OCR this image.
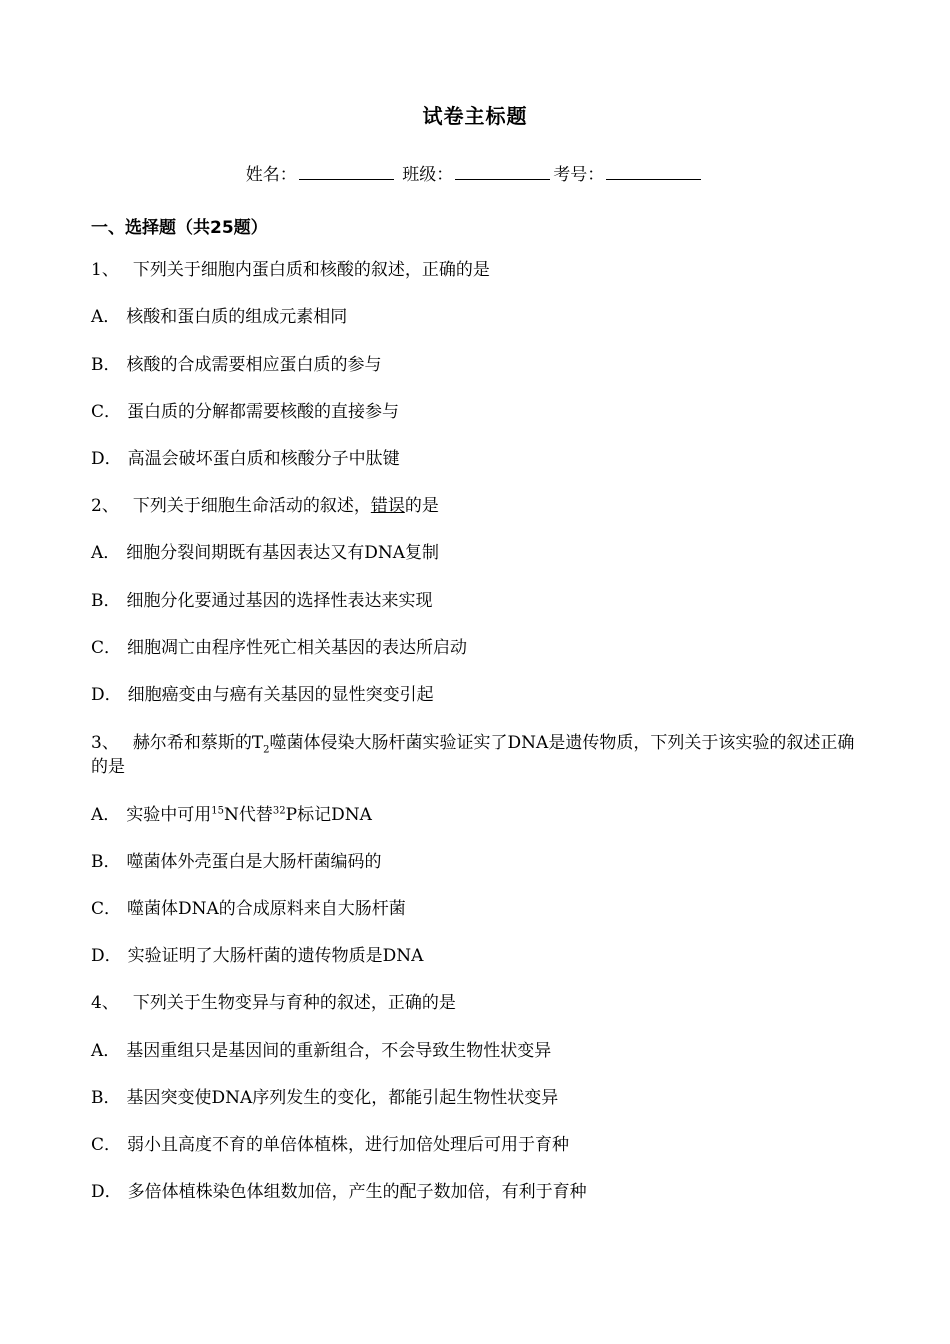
试卷主标题
姓名：	班级：	考号：
一、选择题（共25题）
1、 下列关于细胞内蛋白质和核酸的叙述，正确的是
A． 核酸和蛋白质的组成元素相同
B． 核酸的合成需要相应蛋白质的参与
C． 蛋白质的分解都需要核酸的直接参与
D． 高温会破坏蛋白质和核酸分子中肽键
2、 下列关于细胞生命活动的叙述，错误的是
A． 细胞分裂间期既有基因表达又有DNA复制
B． 细胞分化要通过基因的选择性表达来实现
C． 细胞凋亡由程序性死亡相关基因的表达所启动
D． 细胞癌变由与癌有关基因的显性突变引起
3、 赫尔希和蔡斯的$T_2$噬菌体侵染大肠杆菌实验证实了DNA是遗传物质，下列关于该实验的叙述正确的是
A． 实验中可用$^{15}$N代替$^{32}$P标记DNA
B． 噬菌体外壳蛋白是大肠杆菌编码的
C． 噬菌体DNA的合成原料来自大肠杆菌
D． 实验证明了大肠杆菌的遗传物质是DNA
4、 下列关于生物变异与育种的叙述，正确的是
A． 基因重组只是基因间的重新组合，不会导致生物性状变异
B． 基因突变使DNA序列发生的变化，都能引起生物性状变异
C． 弱小且高度不育的单倍体植株，进行加倍处理后可用于育种
D． 多倍体植株染色体组数加倍，产生的配子数加倍，有利于育种
